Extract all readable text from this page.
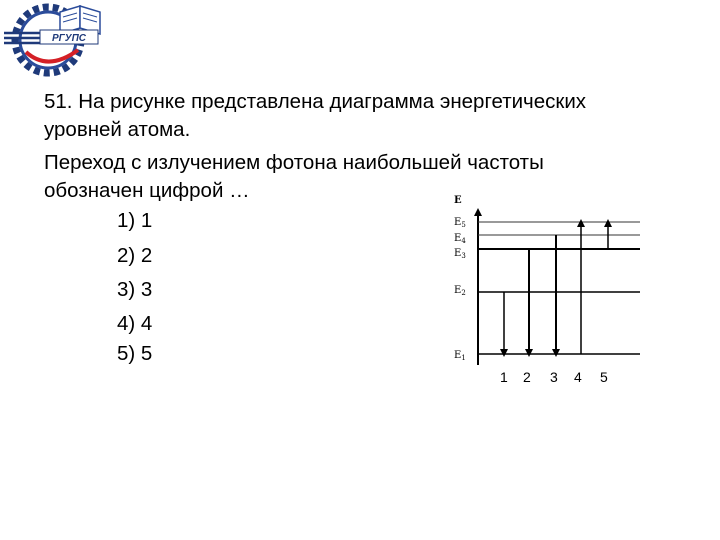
РГУПС
51. На рисунке представлена диаграмма энергетических
уровней атома.
Переход с излучением фотона наибольшей частоты
обозначен цифрой …
1) 1
2) 2
3) 3
4) 4
5) 5
E
$E_5$
$E_4$
$E_3$
$E_2$
$E_1$
1 2 3 4 5
